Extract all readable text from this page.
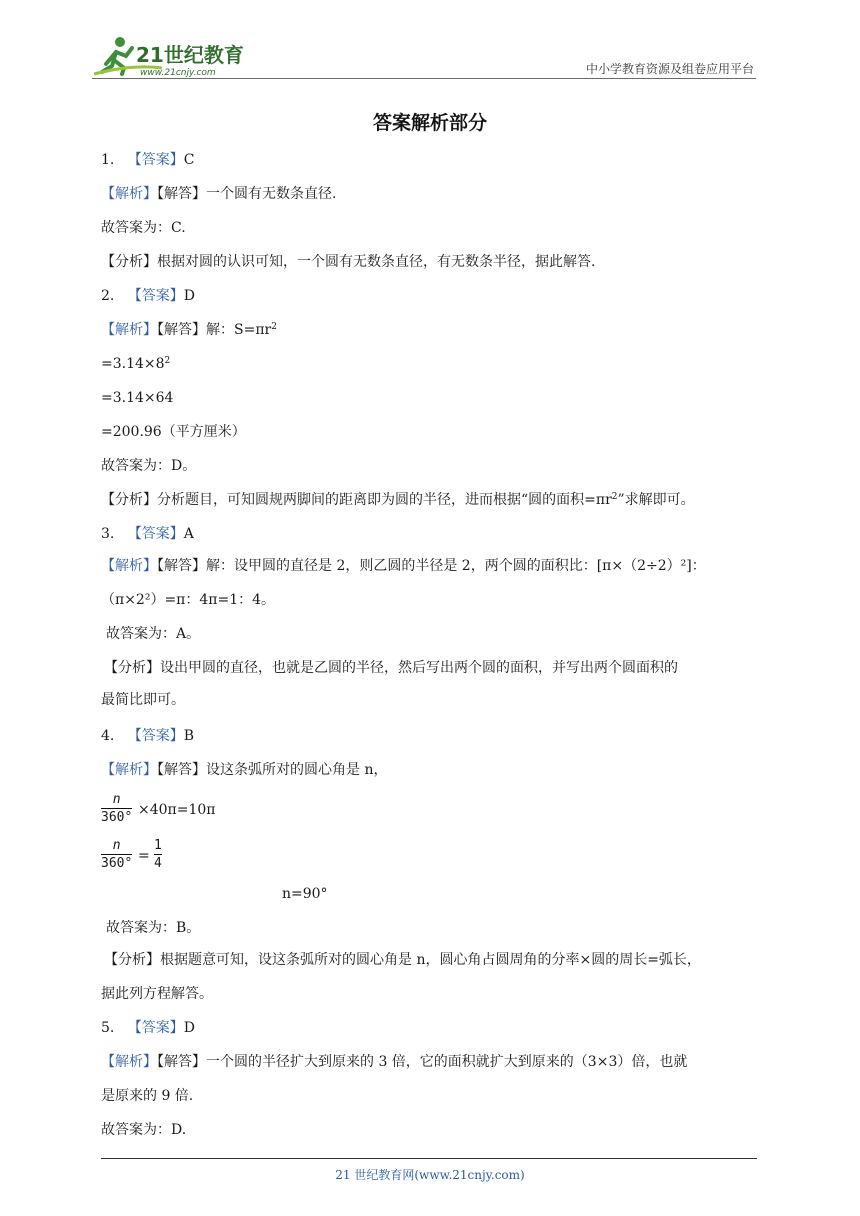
21世纪教育
www.21cnjy.com	中小学教育资源及组卷应用平台
答案解析部分
1. 【答案】C
【解析】【解答】一个圆有无数条直径.
故答案为：C.
【分析】根据对圆的认识可知，一个圆有无数条直径，有无数条半径，据此解答.
2. 【答案】D
【解析】【解答】解：$S=\pi r^2$
$=3.14\times 8^2$
=3.14×64
=200.96（平方厘米）
故答案为：D。
【分析】分析题目，可知圆规两脚间的距离即为圆的半径，进而根据“圆的面积$=\pi r^2$”求解即可。
3. 【答案】A
【解析】【解答】解：设甲圆的直径是 2，则乙圆的半径是 2，两个圆的面积比：[π×（2÷2）²]：
（π×2²）=π：4π=1：4。
故答案为：A。
【分析】设出甲圆的直径，也就是乙圆的半径，然后写出两个圆的面积，并写出两个圆面积的
最简比即可。
4. 【答案】B
【解析】【解答】设这条弧所对的圆心角是 n，
n
360° ×40π=10π
n
360° =
1
4
n=90°
故答案为：B。
【分析】根据题意可知，设这条弧所对的圆心角是 n，圆心角占圆周角的分率×圆的周长=弧长，
据此列方程解答。
5. 【答案】D
【解析】【解答】一个圆的半径扩大到原来的 3 倍，它的面积就扩大到原来的（3×3）倍，也就
是原来的 9 倍.
故答案为：D.
21 世纪教育网(www.21cnjy.com)
